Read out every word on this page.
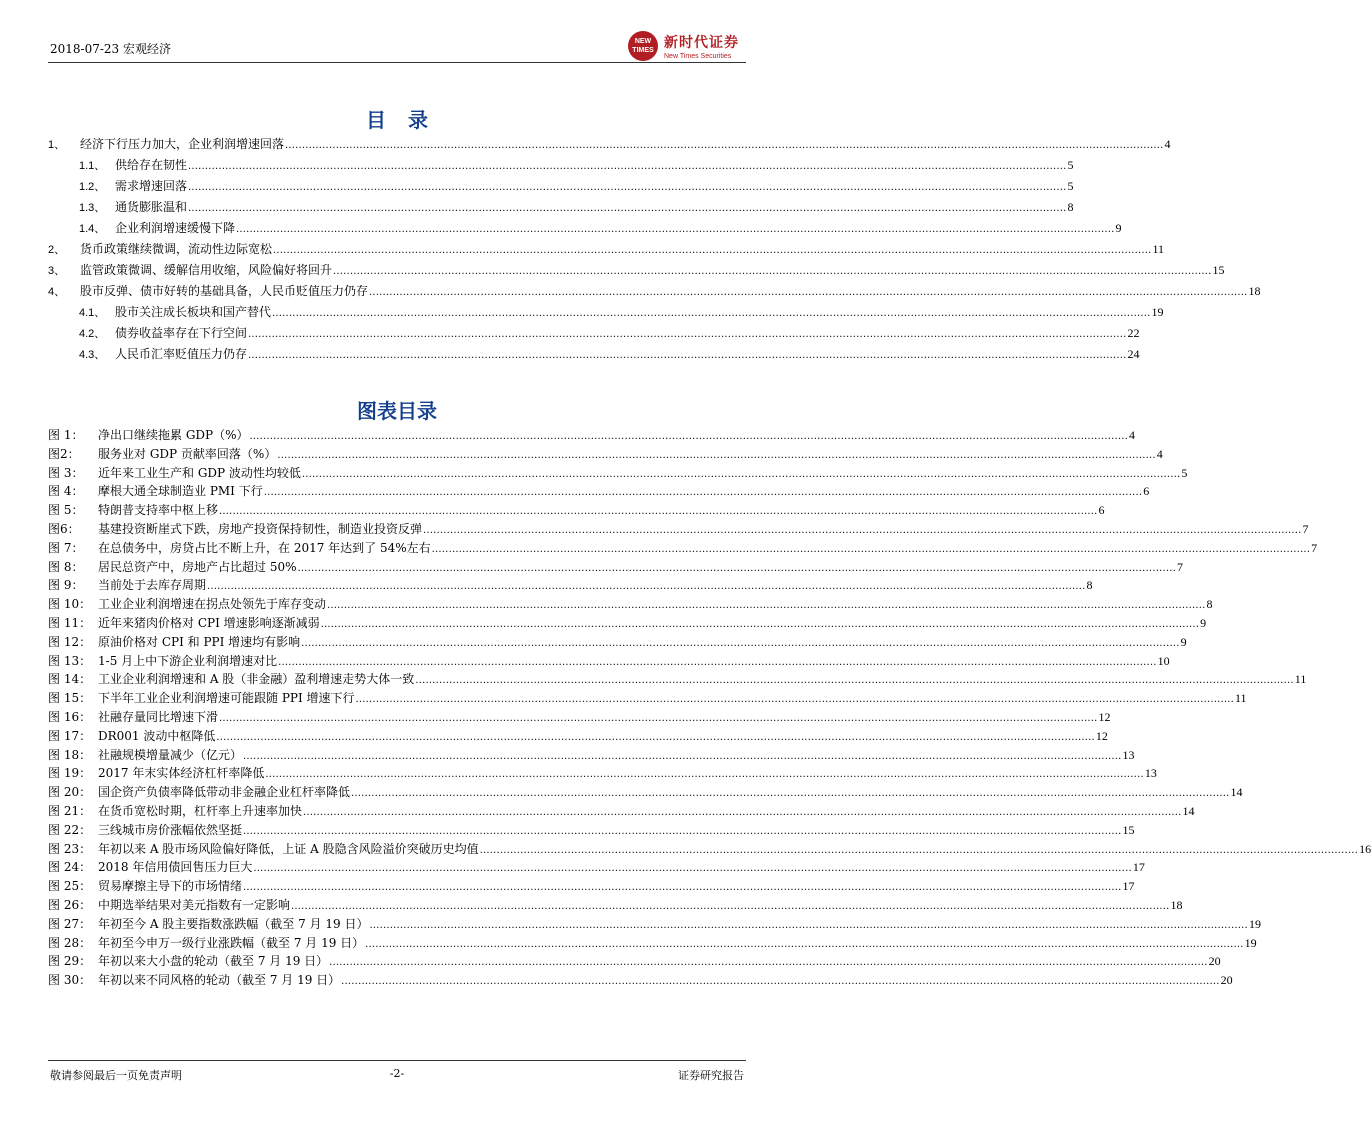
2018-07-23 宏观经济
NEW
TIMES 新时代证券
New Times Securities
目录
1、	经济下行压力加大，企业利润增速回落 .................................................................................................................................................................................................................................................................... 4
1.1、 供给存在韧性 .................................................................................................................................................................................................................................................................... 5
1.2、 需求增速回落 .................................................................................................................................................................................................................................................................... 5
1.3、 通货膨胀温和 .................................................................................................................................................................................................................................................................... 8
1.4、 企业利润增速缓慢下降 .................................................................................................................................................................................................................................................................... 9
2、	货币政策继续微调，流动性边际宽松 .................................................................................................................................................................................................................................................................... 11
3、	监管政策微调、缓解信用收缩，风险偏好将回升 .................................................................................................................................................................................................................................................................... 15
4、	股市反弹、债市好转的基础具备，人民币贬值压力仍存 .................................................................................................................................................................................................................................................................... 18
4.1、 股市关注成长板块和国产替代 .................................................................................................................................................................................................................................................................... 19
4.2、 债券收益率存在下行空间 .................................................................................................................................................................................................................................................................... 22
4.3、 人民币汇率贬值压力仍存 .................................................................................................................................................................................................................................................................... 24
图表目录
图 1：	净出口继续拖累 GDP（%） .................................................................................................................................................................................................................................................................... 4
图2：	服务业对 GDP 贡献率回落（%） .................................................................................................................................................................................................................................................................... 4
图 3：	近年来工业生产和 GDP 波动性均较低 .................................................................................................................................................................................................................................................................... 5
图 4：	摩根大通全球制造业 PMI 下行 .................................................................................................................................................................................................................................................................... 6
图 5：	特朗普支持率中枢上移 .................................................................................................................................................................................................................................................................... 6
图6：	基建投资断崖式下跌，房地产投资保持韧性，制造业投资反弹 .................................................................................................................................................................................................................................................................... 7
图 7：	在总债务中，房贷占比不断上升，在 2017 年达到了 54%左右 .................................................................................................................................................................................................................................................................... 7
图 8：	居民总资产中，房地产占比超过 50% .................................................................................................................................................................................................................................................................... 7
图 9：	当前处于去库存周期 .................................................................................................................................................................................................................................................................... 8
图 10： 工业企业利润增速在拐点处领先于库存变动 .................................................................................................................................................................................................................................................................... 8
图 11： 近年来猪肉价格对 CPI 增速影响逐渐减弱 .................................................................................................................................................................................................................................................................... 9
图 12： 原油价格对 CPI 和 PPI 增速均有影响 .................................................................................................................................................................................................................................................................... 9
图 13： 1-5 月上中下游企业利润增速对比 .................................................................................................................................................................................................................................................................... 10
图 14： 工业企业利润增速和 A 股（非金融）盈利增速走势大体一致 .................................................................................................................................................................................................................................................................... 11
图 15： 下半年工业企业利润增速可能跟随 PPI 增速下行 .................................................................................................................................................................................................................................................................... 11
图 16： 社融存量同比增速下滑 .................................................................................................................................................................................................................................................................... 12
图 17： DR001 波动中枢降低 .................................................................................................................................................................................................................................................................... 12
图 18： 社融规模增量减少（亿元） .................................................................................................................................................................................................................................................................... 13
图 19： 2017 年末实体经济杠杆率降低 .................................................................................................................................................................................................................................................................... 13
图 20： 国企资产负债率降低带动非金融企业杠杆率降低 .................................................................................................................................................................................................................................................................... 14
图 21： 在货币宽松时期，杠杆率上升速率加快 .................................................................................................................................................................................................................................................................... 14
图 22： 三线城市房价涨幅依然坚挺 .................................................................................................................................................................................................................................................................... 15
图 23： 年初以来 A 股市场风险偏好降低，上证 A 股隐含风险溢价突破历史均值 .................................................................................................................................................................................................................................................................... 16
图 24： 2018 年信用债回售压力巨大 .................................................................................................................................................................................................................................................................... 17
图 25： 贸易摩擦主导下的市场情绪 .................................................................................................................................................................................................................................................................... 17
图 26： 中期选举结果对美元指数有一定影响 .................................................................................................................................................................................................................................................................... 18
图 27： 年初至今 A 股主要指数涨跌幅（截至 7 月 19 日） .................................................................................................................................................................................................................................................................... 19
图 28： 年初至今申万一级行业涨跌幅（截至 7 月 19 日） .................................................................................................................................................................................................................................................................... 19
图 29： 年初以来大小盘的轮动（截至 7 月 19 日） .................................................................................................................................................................................................................................................................... 20
图 30： 年初以来不同风格的轮动（截至 7 月 19 日） .................................................................................................................................................................................................................................................................... 20
敬请参阅最后一页免责声明	-2-	证券研究报告
